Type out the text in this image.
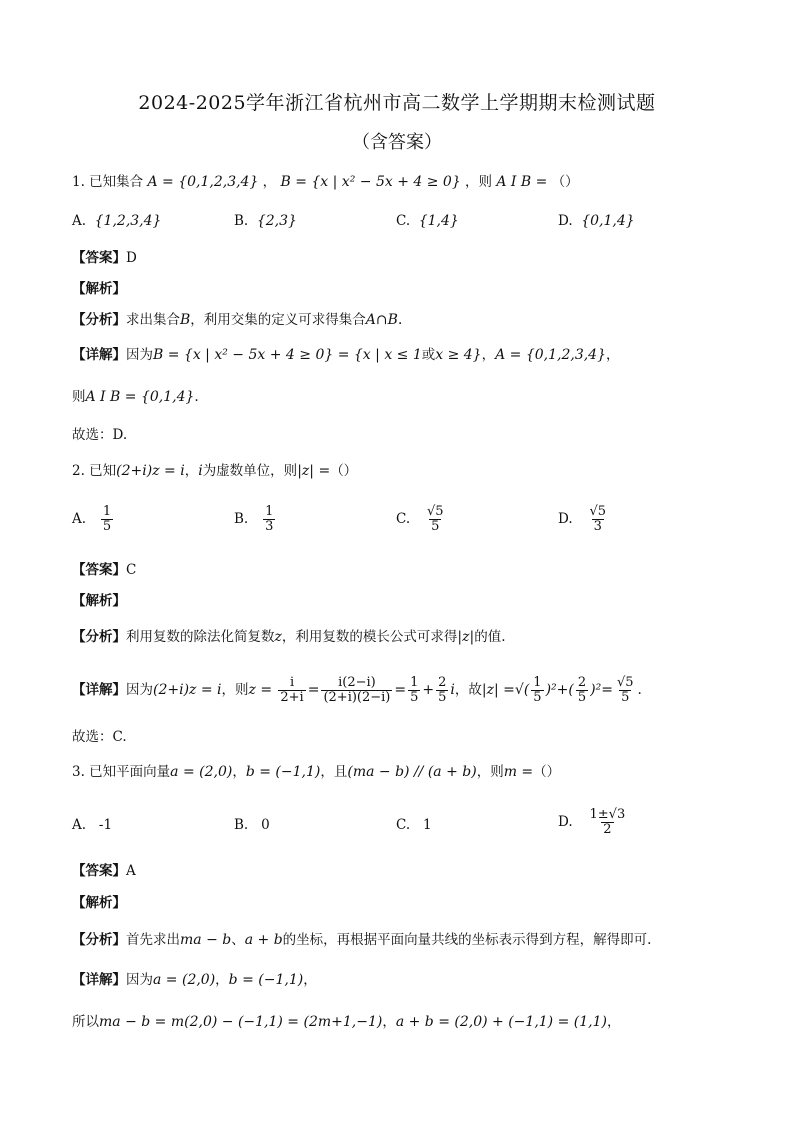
2024-2025学年浙江省杭州市高二数学上学期期末检测试题
（含答案）
1. 已知集合 A = {0,1,2,3,4} ， B = {x | x² − 5x + 4 ≥ 0} ，则 A I B = （）
A. {1,2,3,4}	B. {2,3}	C. {1,4}	D. {0,1,4}
【答案】D
【解析】
【分析】求出集合B，利用交集的定义可求得集合A∩B.
【详解】因为B = {x | x² − 5x + 4 ≥ 0} = {x | x ≤ 1或x ≥ 4}，A = {0,1,2,3,4}，
则A I B = {0,1,4}.
故选：D.
2. 已知(2+i)z = i，i为虚数单位，则|z| =（）
A. $\frac{1}{5}$	B. $\frac{1}{3}$	C. $\frac{√5}{5}$	D. $\frac{√5}{3}$
【答案】C
【解析】
【分析】利用复数的除法化简复数z，利用复数的模长公式可求得|z|的值.
【详解】因为(2+i)z = i，则$z = \frac{i}{2+i} = \frac{i(2-i)}{(2+i)(2-i)} = \frac{1}{5} + \frac{2}{5}$ i，故|z| =√( $\frac{1}{5} )^2+( \frac{2}{5} )^2= \frac{√5}{5}$ .
故选：C.
3. 已知平面向量a = (2,0)，b = (−1,1)，且(ma − b) // (a + b)，则m =（）
A. -1	B. 0	C. 1	D. $\frac{1\pm√3}{2}$
【答案】A
【解析】
【分析】首先求出ma − b、a + b的坐标，再根据平面向量共线的坐标表示得到方程，解得即可.
【详解】因为a = (2,0)，b = (−1,1)，
所以ma − b = m(2,0) − (−1,1) = (2m+1,−1)，a + b = (2,0) + (−1,1) = (1,1)，
